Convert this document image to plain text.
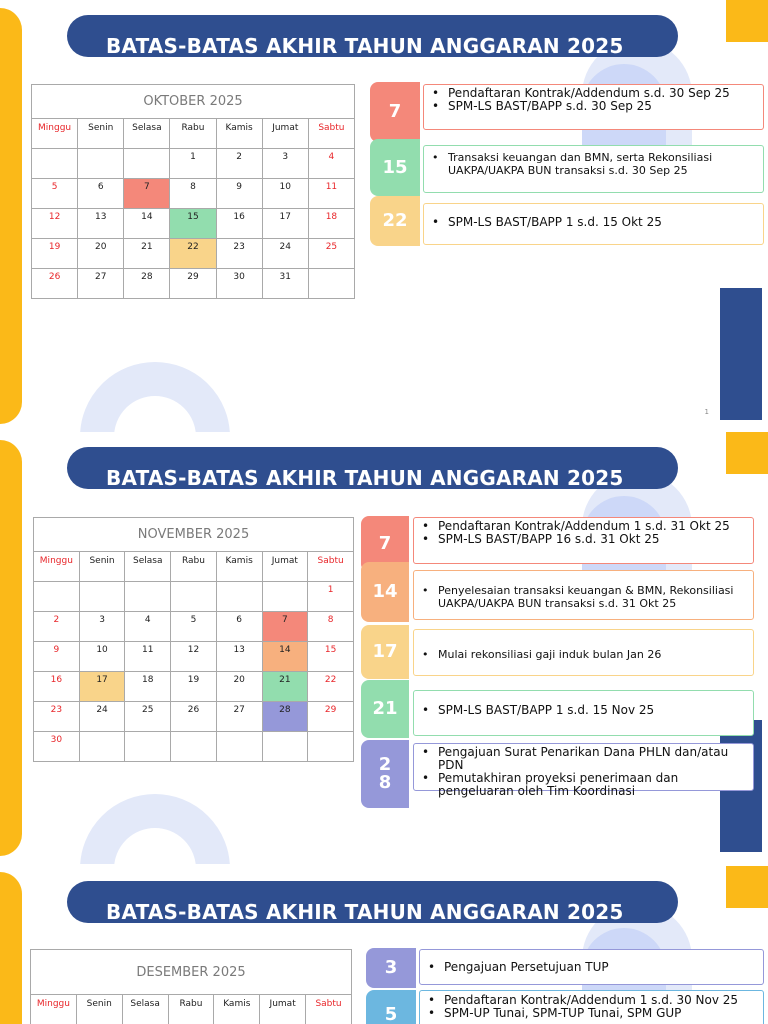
BATAS-BATAS AKHIR TAHUN ANGGARAN 2025
OKTOBER 2025						
Minggu	Senin	Selasa	Rabu	Kamis	Jumat	Sabtu
			1	2	3	4
5	6	7	8	9	10	11
12	13	14	15	16	17	18
19	20	21	22	23	24	25
26	27	28	29	30	31	
7
• Pendaftaran Kontrak/Addendum s.d. 30 Sep 25
• SPM-LS BAST/BAPP s.d. 30 Sep 25
15	• Transaksi keuangan dan BMN, serta Rekonsiliasi UAKPA/UAKPA BUN transaksi s.d. 30 Sep 25
22	• SPM-LS BAST/BAPP 1 s.d. 15 Okt 25
1
BATAS-BATAS AKHIR TAHUN ANGGARAN 2025
NOVEMBER 2025						
Minggu	Senin	Selasa	Rabu	Kamis	Jumat	Sabtu
						1
2	3	4	5	6	7	8
9	10	11	12	13	14	15
16	17	18	19	20	21	22
23	24	25	26	27	28	29
30						
7
• Pendaftaran Kontrak/Addendum 1 s.d. 31 Okt 25
• SPM-LS BAST/BAPP 16 s.d. 31 Okt 25
14	• Penyelesaian transaksi keuangan & BMN, Rekonsiliasi UAKPA/UAKPA BUN transaksi s.d. 31 Okt 25
17	• Mulai rekonsiliasi gaji induk bulan Jan 26
21	• SPM-LS BAST/BAPP 1 s.d. 15 Nov 25
2
8
• Pengajuan Surat Penarikan Dana PHLN dan/atau PDN
• Pemutakhiran proyeksi penerimaan dan pengeluaran oleh Tim Koordinasi
BATAS-BATAS AKHIR TAHUN ANGGARAN 2025
DESEMBER 2025
Minggu	Senin	Selasa	Rabu	Kamis	Jumat	Sabtu
3	• Pengajuan Persetujuan TUP
5
• Pendaftaran Kontrak/Addendum 1 s.d. 30 Nov 25
• SPM-UP Tunai, SPM-TUP Tunai, SPM GUP
